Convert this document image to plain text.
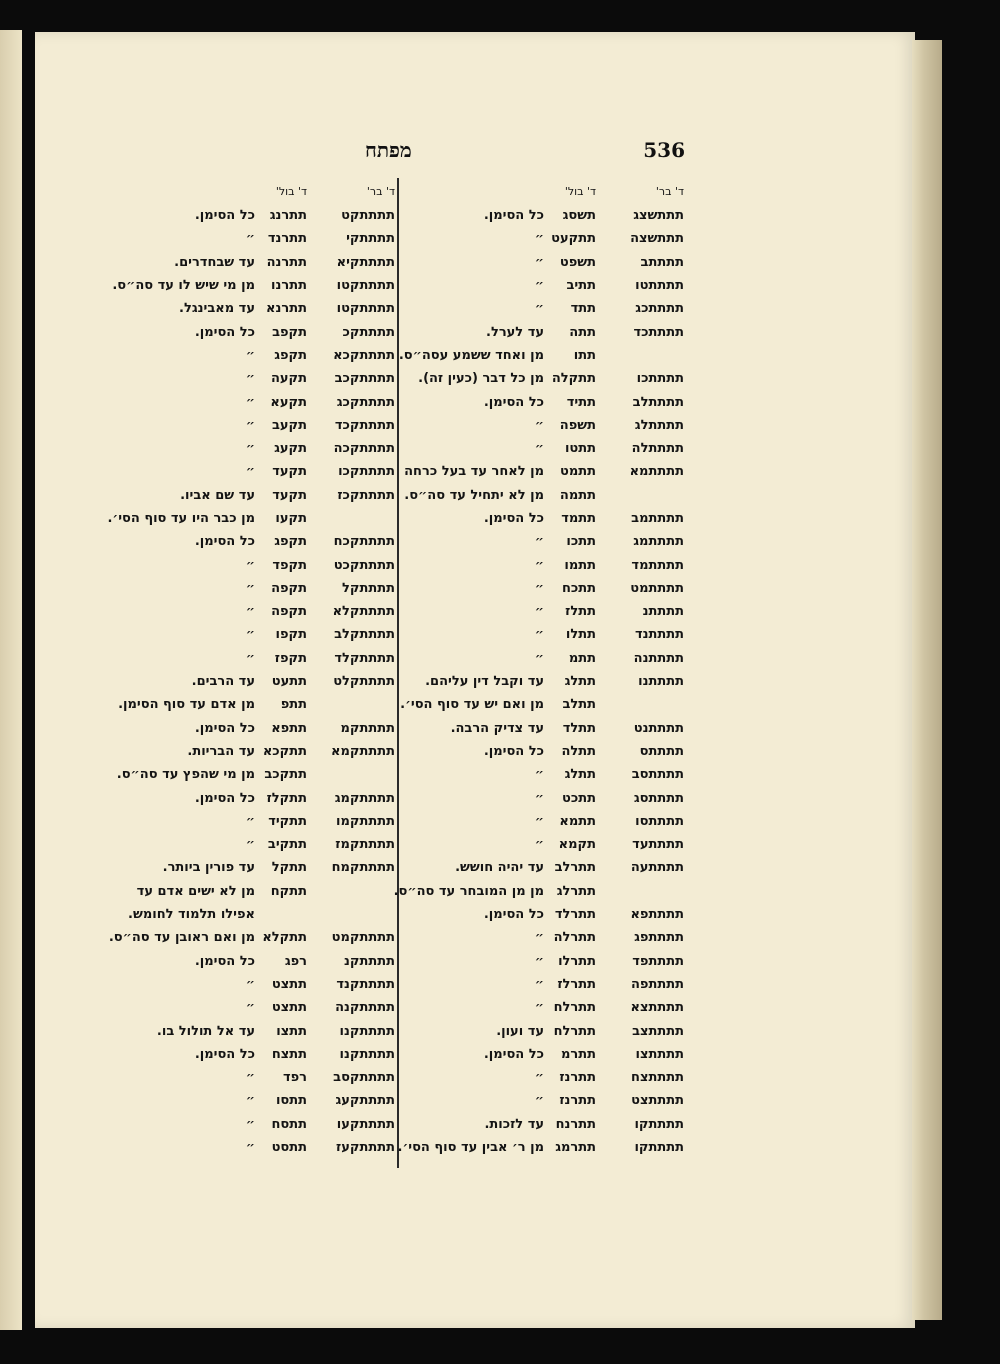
מפתח	536
ד' בר'
ד' בול'
תתתשצג
תשסג
כל הסימן.
תתתשצה
תתקעט
״
תתתתב
תשפט
״
תתתתטו
תתיב
״
תתתתכג
תתד
״
תתתתכד
תתה
עד לערל.
תתו
מן ואחד ששמע עסה״ס.
תתתתכו
תתקלה
מן כל דבר (כעין זה).
תתתתלב
תתיד
כל הסימן.
תתתתלג
תשפה
״
תתתתלה
תתטו
״
תתתתמא
תתמט
מן לאחר עד בעל כרחה
תתמה
מן לא יתחיל עד סה״ס.
תתתתמב
תתמד
כל הסימן.
תתתתמג
תתכו
״
תתתתמד
תתמו
״
תתתתמט
תתכח
״
תתתתנ
תתלז
״
תתתתנד
תתלו
״
תתתתנה
תתמ
״
תתתתנו
תתלג
עד וקבל דין עליהם.
תתלב
מן ואם יש עד סוף הסי׳.
תתתתנט
תתלד
עד צדיק הרבה.
תתתתס
תתלה
כל הסימן.
תתתתסב
תתלג
״
תתתתסג
תתכט
״
תתתתסו
תתמא
״
תתתתעד
תקמא
״
תתתתעה
תתרלב
עד יהיה חושש.
תתרלג
מן מן המובחר עד סה״ס.
תתתתפא
תתרלד
כל הסימן.
תתתתפג
תתרלה
״
תתתתפד
תתרלו
״
תתתתפה
תתרלז
״
תתתתצא
תתרלח
״
תתתתצב
תתרלח
עד ועון.
תתתתצו
תתרמ
כל הסימן.
תתתתצח
תתרנז
״
תתתתצט
תתרנז
״
תתתתקו
תתרנח
עד לזכות.
תתתתקו
תתרמג
מן ר׳ אבין עד סוף הסי׳.
ד' בר'
ד' בול'
תתתתקט
תתרנג
כל הסימן.
תתתתקי
תתרנד
״
תתתתקיא
תתרנה
עד שבחדרים.
תתתתקטו
תתרנו
מן מי שיש לו עד סה״ס.
תתתתקטו
תתרנא
עד מאבינגל.
תתתתקכ
תקפב
כל הסימן.
תתתתקכא
תקפג
״
תתתתקכב
תקעה
״
תתתתקכג
תקעא
״
תתתתקכד
תקעב
״
תתתתקכה
תקעג
״
תתתתקכו
תקעד
״
תתתתקכז
תקעד
עד שם אביו.
תקעו
מן כבר היו עד סוף הסי׳.
תתתתקכח
תקפג
כל הסימן.
תתתתקכט
תקפד
״
תתתתקל
תקפה
״
תתתתקלא
תקפה
״
תתתתקלב
תקפו
״
תתתתקלד
תקפז
״
תתתתקלט
תתעט
עד הרבים.
תתפ
מן אדם עד סוף הסימן.
תתתתקמ
תתפא
כל הסימן.
תתתתקמא
תתקכא
עד הבריות.
תתקכב
מן מי שהפץ עד סה״ס.
תתתתקמג
תתקלז
כל הסימן.
תתתתקמו
תתקיד
״
תתתתקמז
תתקיב
״
תתתתקמח
תתקל
עד פורין ביותר.
תתקח
מן לא ישים אדם עד
אפילו תלמוד לחומש.
תתתתקמט
תתקלא
מן ואם ראובן עד סה״ס.
תתתתקנ
רפג
כל הסימן.
תתתתקנד
תתצט
״
תתתתקנה
תתצט
״
תתתתקנו
תתצו
עד אל תולול בו.
תתתתקנו
תתצח
כל הסימן.
תתתתקסב
רפד
״
תתתתקעג
תתסו
״
תתתתקעו
תתסח
״
תתתתקעז
תתסט
״
